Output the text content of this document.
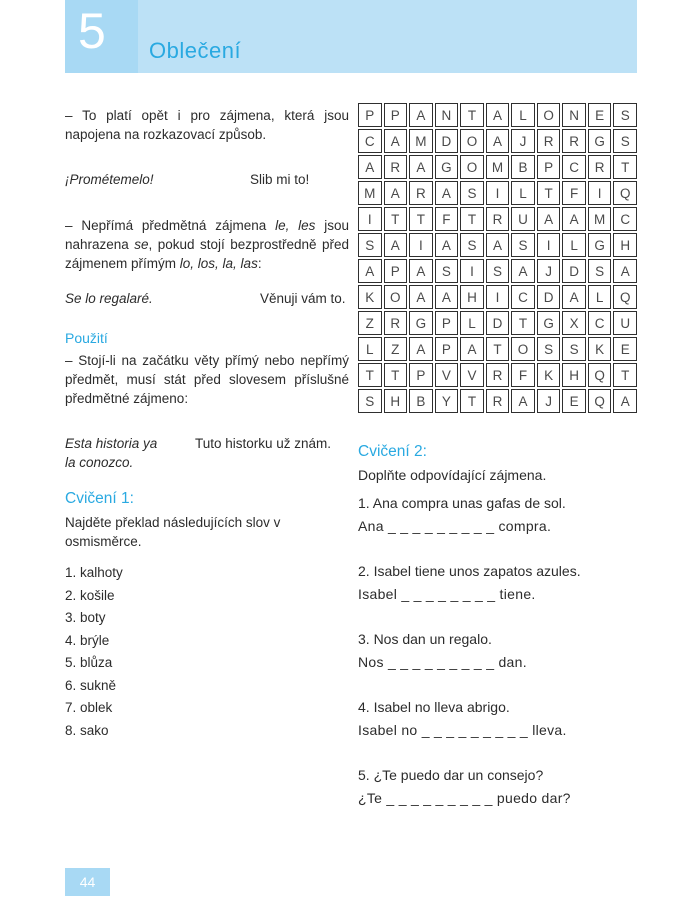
5 Oblečení

– To platí opět i pro zájmena, která jsou napojena na rozkazovací způsob.

¡Prométemelo!	Slib mi to!

– Nepřímá předmětná zájmena le, les jsou nahrazena se, pokud stojí bezprostředně před zájmenem přímým lo, los, la, las:

Se lo regalaré.	Věnuji vám to.
Použití

– Stojí-li na začátku věty přímý nebo nepřímý předmět, musí stát před slovesem příslušné předmětné zájmeno:

Esta historia ya
la conozco.
Tuto historku už znám.
Cvičení 1:
Najděte překlad následujících slov v osmisměrce.
1. kalhoty
2. košile
3. boty
4. brýle
5. blůza
6. sukně
7. oblek
8. sako
P	P	A	N	T	A	L	O	N	E	S
C	A	M	D	O	A	J	R	R	G	S
A	R	A	G	O	M	B	P	C	R	T
M	A	R	A	S	I	L	T	F	I	Q
I	T	T	F	T	R	U	A	A	M	C
S	A	I	A	S	A	S	I	L	G	H
A	P	A	S	I	S	A	J	D	S	A
K	O	A	A	H	I	C	D	A	L	Q
Z	R	G	P	L	D	T	G	X	C	U
L	Z	A	P	A	T	O	S	S	K	E
T	T	P	V	V	R	F	K	H	Q	T
S	H	B	Y	T	R	A	J	E	Q	A
Cvičení 2:
Doplňte odpovídající zájmena.
1. Ana compra unas gafas de sol.
Ana _ _ _ _ _ _ _ _ _ compra.
2. Isabel tiene unos zapatos azules.
Isabel _ _ _ _ _ _ _ _ tiene.
3. Nos dan un regalo.
Nos _ _ _ _ _ _ _ _ _ dan.
4. Isabel no lleva abrigo.
Isabel no _ _ _ _ _ _ _ _ _ lleva.
5. ¿Te puedo dar un consejo?
¿Te _ _ _ _ _ _ _ _ _ puedo dar?
44
